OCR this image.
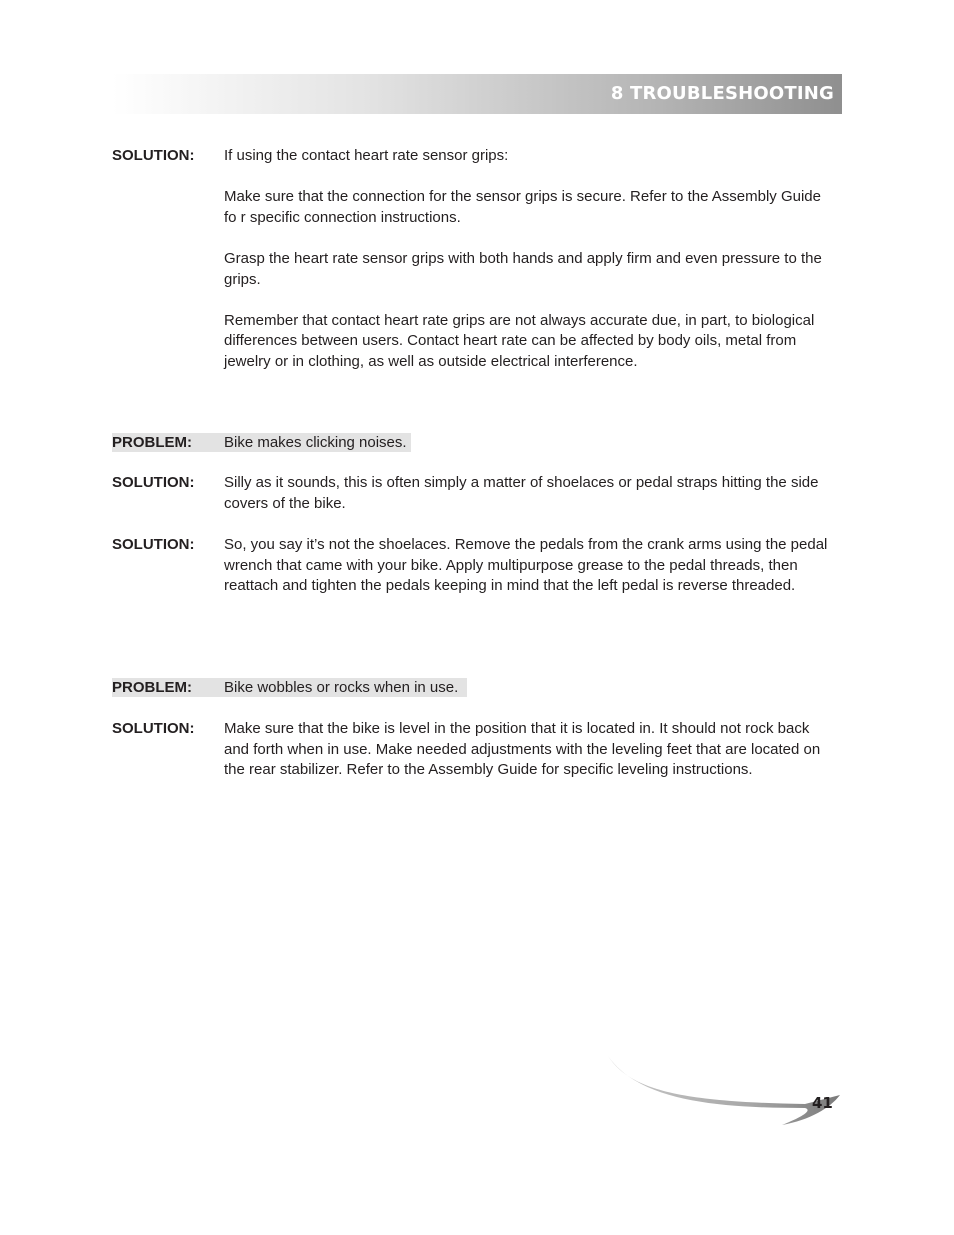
8 TROUBLESHOOTING
SOLUTION: If using the contact heart rate sensor grips:

Make sure that the connection for the sensor grips is secure. Refer to the Assembly Guide fo r specific connection instructions.

Grasp the heart rate sensor grips with both hands and apply firm and even pressure to the grips.

Remember that contact heart rate grips are not always accurate due, in part, to biological differences between users. Contact heart rate can be affected by body oils, metal from jewelry or in clothing, as well as outside electrical interference.

PROBLEM: Bike makes clicking noises.
SOLUTION: Silly as it sounds, this is often simply a matter of shoelaces or pedal straps hitting the side covers of the bike.
SOLUTION: So, you say it’s not the shoelaces. Remove the pedals from the crank arms using the pedal wrench that came with your bike. Apply multipurpose grease to the pedal threads, then reattach and tighten the pedals keeping in mind that the left pedal is reverse threaded.
PROBLEM: Bike wobbles or rocks when in use.
SOLUTION: Make sure that the bike is level in the position that it is located in. It should not rock back and forth when in use. Make needed adjustments with the leveling feet that are located on the rear stabilizer. Refer to the Assembly Guide for specific leveling instructions.
41
